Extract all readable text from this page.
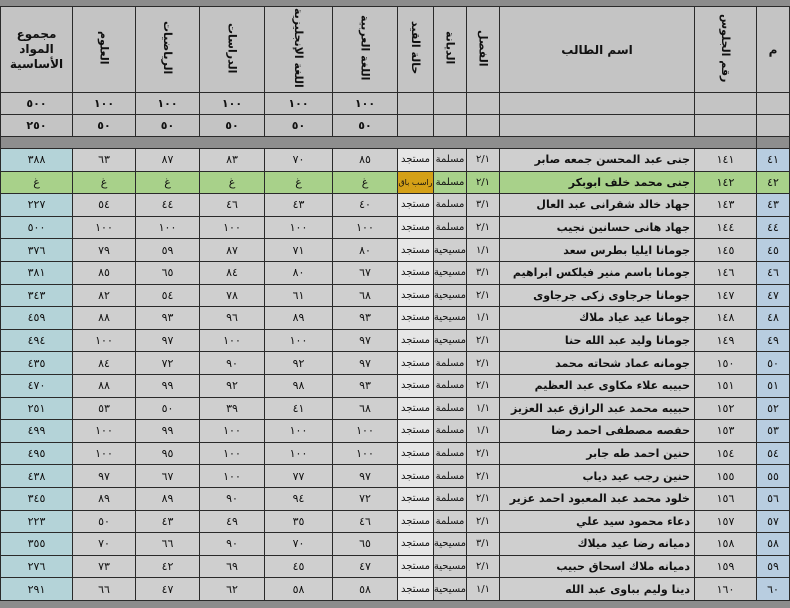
م	رقم الجلوس	اسم الطالب	الفصل	الديانة	حالة القيد	اللغة العربية	اللغة الإنجليزية	الدراسات	الرياضيات	العلوم	مجموع المواد الأساسية
						١٠٠	١٠٠	١٠٠	١٠٠	١٠٠	٥٠٠
						٥٠	٥٠	٥٠	٥٠	٥٠	٢٥٠

٤١	١٤١	جنى عبد المحسن جمعه صابر	٢/١	مسلمة	مستجد	٨٥	٧٠	٨٣	٨٧	٦٣	٣٨٨
٤٢	١٤٢	جنى محمد خلف ابوبكر	٢/١	مسلمة	راسب باق	غ	غ	غ	غ	غ	غ
٤٣	١٤٣	جهاد خالد شقرانى عبد العال	٣/١	مسلمة	مستجد	٤٠	٤٣	٤٦	٤٤	٥٤	٢٢٧
٤٤	١٤٤	جهاد هانى حسانين نجيب	٢/١	مسلمة	مستجد	١٠٠	١٠٠	١٠٠	١٠٠	١٠٠	٥٠٠
٤٥	١٤٥	جومانا ايليا بطرس سعد	١/١	مسيحية	مستجد	٨٠	٧١	٨٧	٥٩	٧٩	٣٧٦
٤٦	١٤٦	جومانا باسم منير فيلكس ابراهيم	٣/١	مسيحية	مستجد	٦٧	٨٠	٨٤	٦٥	٨٥	٣٨١
٤٧	١٤٧	جومانا جرجاوى زكى جرجاوى	٢/١	مسيحية	مستجد	٦٨	٦١	٧٨	٥٤	٨٢	٣٤٣
٤٨	١٤٨	جومانا عيد عياد ملاك	١/١	مسيحية	مستجد	٩٣	٨٩	٩٦	٩٣	٨٨	٤٥٩
٤٩	١٤٩	جومانا وليد عبد الله حنا	٢/١	مسيحية	مستجد	٩٧	١٠٠	١٠٠	٩٧	١٠٠	٤٩٤
٥٠	١٥٠	جومانه عماد شحاته محمد	٢/١	مسلمة	مستجد	٩٧	٩٢	٩٠	٧٢	٨٤	٤٣٥
٥١	١٥١	حبيبه علاء مكاوى عبد العظيم	٢/١	مسلمة	مستجد	٩٣	٩٨	٩٢	٩٩	٨٨	٤٧٠
٥٢	١٥٢	حبيبه محمد عبد الرازق عبد العزيز	١/١	مسلمة	مستجد	٦٨	٤١	٣٩	٥٠	٥٣	٢٥١
٥٣	١٥٣	حفصه مصطفى احمد رضا	١/١	مسلمة	مستجد	١٠٠	١٠٠	١٠٠	٩٩	١٠٠	٤٩٩
٥٤	١٥٤	حنين احمد طه جابر	٢/١	مسلمة	مستجد	١٠٠	١٠٠	١٠٠	٩٥	١٠٠	٤٩٥
٥٥	١٥٥	حنين رجب عيد دياب	٢/١	مسلمة	مستجد	٩٧	٧٧	١٠٠	٦٧	٩٧	٤٣٨
٥٦	١٥٦	خلود محمد عبد المعبود احمد عزير	٢/١	مسلمة	مستجد	٧٢	٩٤	٩٠	٨٩	٨٩	٣٤٥
٥٧	١٥٧	دعاء محمود سيد علي	٢/١	مسلمة	مستجد	٤٦	٣٥	٤٩	٤٣	٥٠	٢٢٣
٥٨	١٥٨	دميانه رضا عيد ميلاك	٣/١	مسيحية	مستجد	٦٥	٧٠	٩٠	٦٦	٧٠	٣٥٥
٥٩	١٥٩	دميانه ملاك اسحاق حبيب	٢/١	مسيحية	مستجد	٤٧	٤٥	٦٩	٤٢	٧٣	٢٧٦
٦٠	١٦٠	دينا وليم بباوى عبد الله	١/١	مسيحية	مستجد	٥٨	٥٨	٦٢	٤٧	٦٦	٢٩١
